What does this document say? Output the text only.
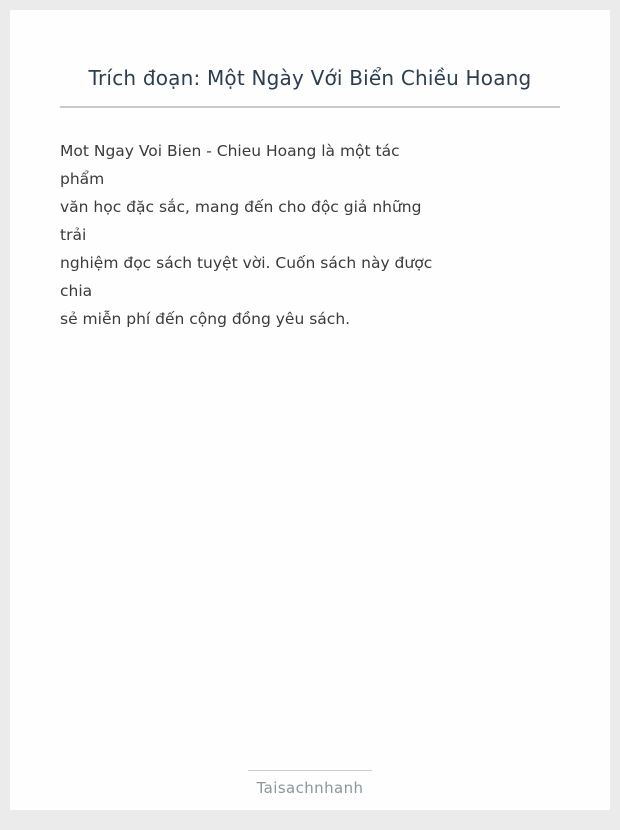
Trích đoạn: Một Ngày Với Biển Chiều Hoang
Mot Ngay Voi Bien - Chieu Hoang là một tác
phẩm
văn học đặc sắc, mang đến cho độc giả những
trải
nghiệm đọc sách tuyệt vời. Cuốn sách này được
chia
sẻ miễn phí đến cộng đồng yêu sách.
Taisachnhanh
